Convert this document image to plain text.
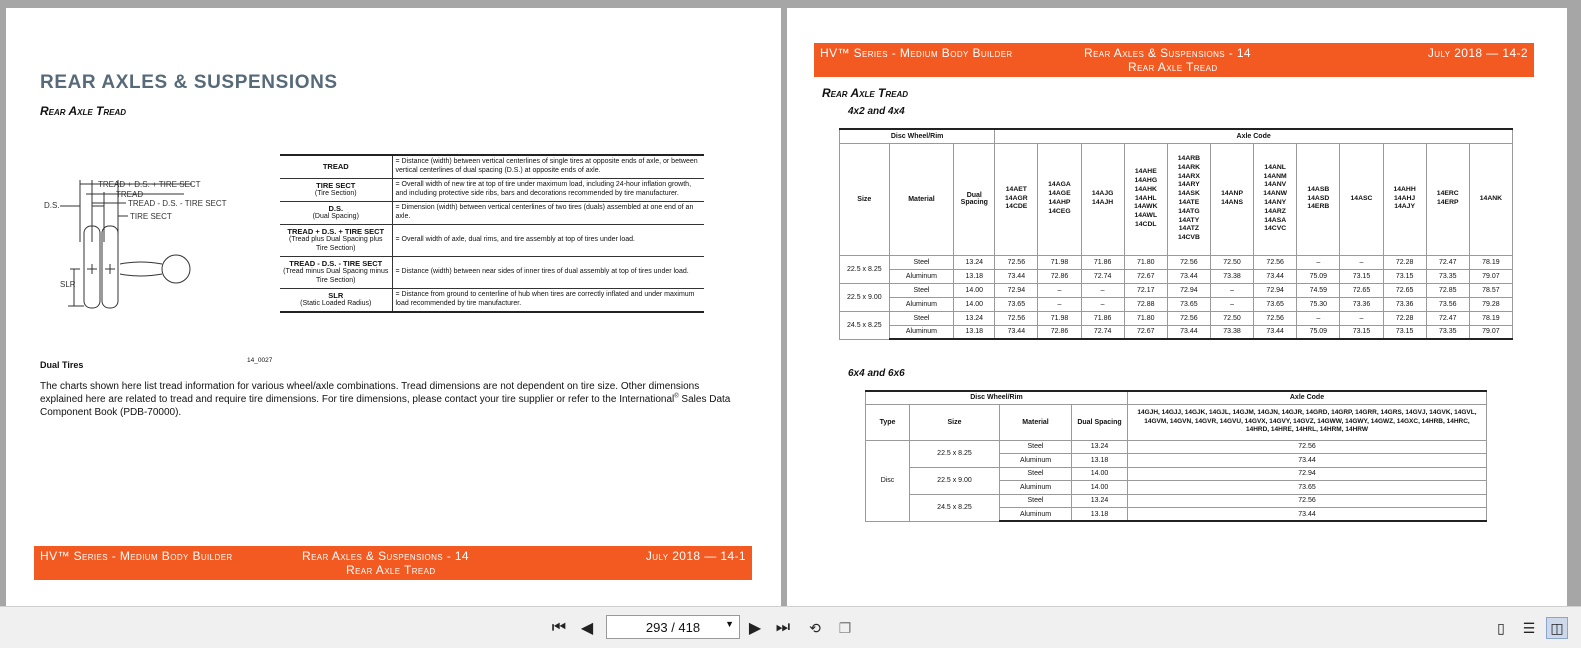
REAR AXLES & SUSPENSIONS
Rear Axle Tread
TREAD + D.S. + TIRE SECT
TREAD
TREAD - D.S. - TIRE SECT
D.S.
TIRE SECT
SLR
TREAD	= Distance (width) between vertical centerlines of single tires at opposite ends of axle, or between vertical centerlines of dual spacing (D.S.) at opposite ends of axle.

TIRE SECT
(Tire Section)	= Overall width of new tire at top of tire under maximum load, including 24-hour inflation growth, and including protective side ribs, bars and decorations recommended by tire manufacturer.

D.S.
(Dual Spacing)	= Dimension (width) between vertical centerlines of two tires (duals) assembled at one end of an axle.

TREAD + D.S. + TIRE SECT
(Tread plus Dual Spacing plus Tire Section)	= Overall width of axle, dual rims, and tire assembly at top of tires under load.

TREAD - D.S. - TIRE SECT
(Tread minus Dual Spacing minus Tire Section)	= Distance (width) between near sides of inner tires of dual assembly at top of tires under load.

SLR
(Static Loaded Radius)	= Distance from ground to centerline of hub when tires are correctly inflated and under maximum load recommended by tire manufacturer.
Dual Tires	14_0027
The charts shown here list tread information for various wheel/axle combinations. Tread dimensions are not dependent on tire size. Other dimensions explained here are related to tread and require tire dimensions. For tire dimensions, please contact your tire supplier or refer to the International® Sales Data Component Book (PDB-70000).
HV™ Series - Medium Body Builder	Rear Axles & Suspensions - 14
Rear Axle Tread
July 2018 — 14-1
HV™ Series - Medium Body Builder	Rear Axles & Suspensions - 14
Rear Axle Tread
July 2018 — 14-2
Rear Axle Tread
4x2 and 4x4
Disc Wheel/Rim			Axle Code											
Size	Material	Dual Spacing	14AET 14AGR 14CDE	14AGA 14AGE 14AHP 14CEG	14AJG 14AJH	14AHE 14AHG 14AHK 14AHL 14AWK 14AWL 14CDL	14ARB 14ARK 14ARX 14ARY 14ASK 14ATE 14ATG 14ATY 14ATZ 14CVB	14ANP 14ANS	14ANL 14ANM 14ANV 14ANW 14ANY 14ARZ 14ASA 14CVC	14ASB 14ASD 14ERB	14ASC	14AHH 14AHJ 14AJY	14ERC 14ERP	14ANK
22.5 x 8.25	Steel	13.24	72.56	71.98	71.86	71.80	72.56	72.50	72.56	–	–	72.28	72.47	78.19
	Aluminum	13.18	73.44	72.86	72.74	72.67	73.44	73.38	73.44	75.09	73.15	73.15	73.35	79.07
22.5 x 9.00	Steel	14.00	72.94	–	–	72.17	72.94	–	72.94	74.59	72.65	72.65	72.85	78.57
	Aluminum	14.00	73.65	–	–	72.88	73.65	–	73.65	75.30	73.36	73.36	73.56	79.28
24.5 x 8.25	Steel	13.24	72.56	71.98	71.86	71.80	72.56	72.50	72.56	–	–	72.28	72.47	78.19
	Aluminum	13.18	73.44	72.86	72.74	72.67	73.44	73.38	73.44	75.09	73.15	73.15	73.35	79.07
6x4 and 6x6
Disc Wheel/Rim				Axle Code
Type	Size	Material	Dual Spacing	14GJH, 14GJJ, 14GJK, 14GJL, 14GJM, 14GJN, 14GJR, 14GRD, 14GRP, 14GRR, 14GRS, 14GVJ, 14GVK, 14GVL, 14GVM, 14GVN, 14GVR, 14GVU, 14GVX, 14GVY, 14GVZ, 14GWW, 14GWY, 14GWZ, 14GXC, 14HRB, 14HRC, 14HRD, 14HRE, 14HRL, 14HRM, 14HRW
Disc	22.5 x 8.25	Steel	13.24	72.56
		Aluminum	13.18	73.44
	22.5 x 9.00	Steel	14.00	72.94
		Aluminum	14.00	73.65
	24.5 x 8.25	Steel	13.24	72.56
		Aluminum	13.18	73.44
⏮ ◀	293 / 418	▼ ▶ ⏭	⟲	❐	▯	☰	◫
